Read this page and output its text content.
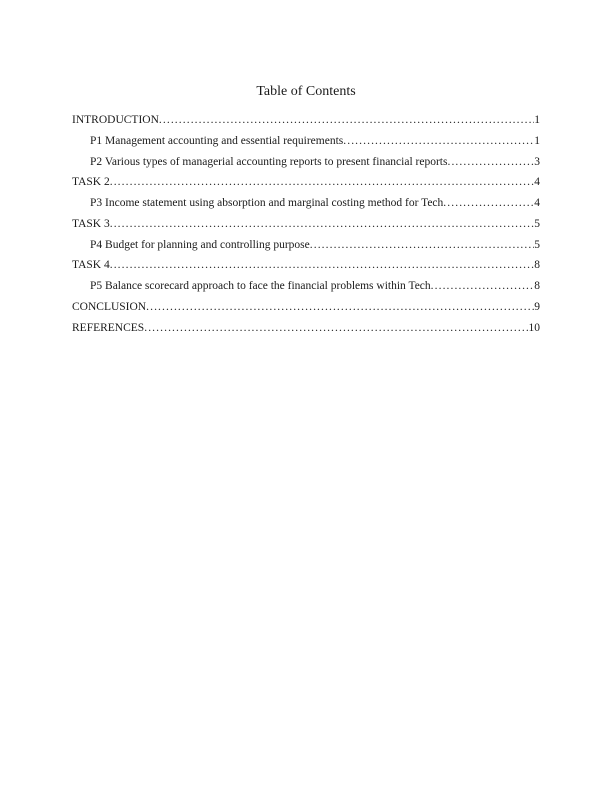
Table of Contents
INTRODUCTION .....	1
P1 Management accounting and essential requirements .....	1
P2 Various types of managerial accounting reports to present financial reports .....	3
TASK 2 .....	4
P3 Income statement using absorption and marginal costing method for Tech .....	4
TASK 3 .....	5
P4 Budget for planning and controlling purpose .....	5
TASK 4 .....	8
P5 Balance scorecard approach to face the financial problems within Tech .....	8
CONCLUSION .....	9
REFERENCES .....	10
